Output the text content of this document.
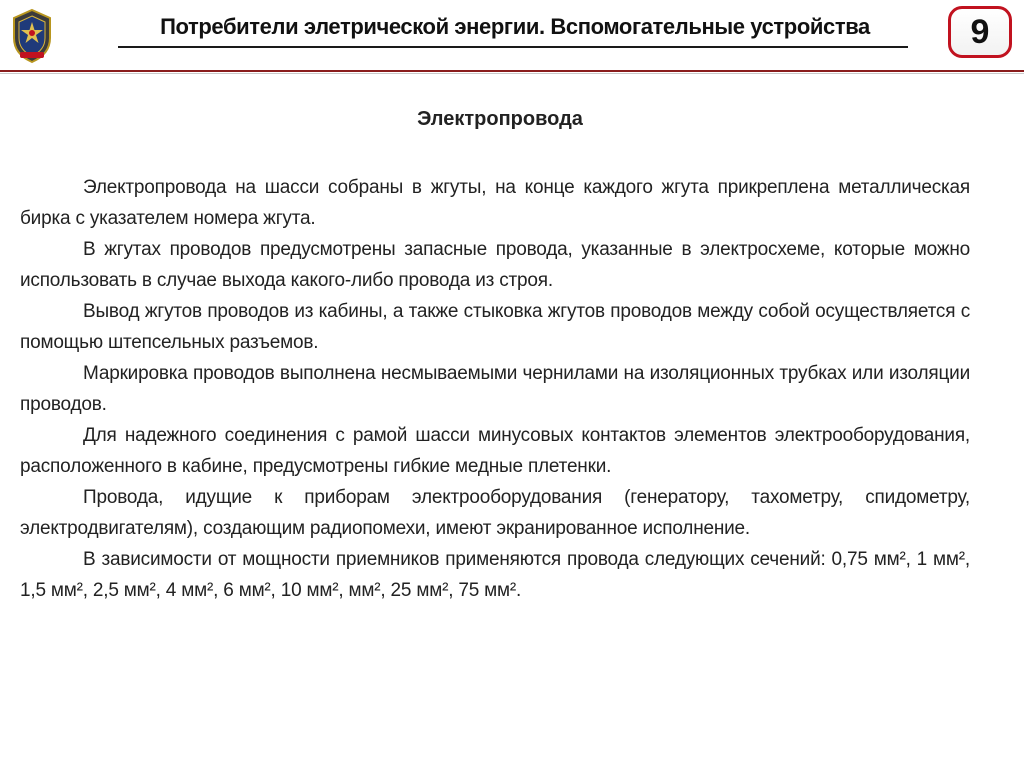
Потребители элетрической энергии. Вспомогательные устройства	9
Электропровода

Электропровода на шасси собраны в жгуты, на конце каждого жгута прикреплена металлическая бирка с указателем номера жгута.

В жгутах проводов предусмотрены запасные провода, указанные в электросхеме, которые можно использовать в случае выхода какого-либо провода из строя.

Вывод жгутов проводов из кабины, а также стыковка жгутов проводов между собой осуществляется с помощью штепсельных разъемов.

Маркировка проводов выполнена несмываемыми чернилами на изоляционных трубках или изоляции проводов.

Для надежного соединения с рамой шасси минусовых контактов элементов электрооборудования, расположенного в кабине, предусмотрены гибкие медные плетенки.

Провода, идущие к приборам электрооборудования (генератору, тахометру, спидометру, электродвигателям), создающим радиопомехи, имеют экранированное исполнение.

В зависимости от мощности приемников применяются провода следующих сечений: 0,75 мм², 1 мм², 1,5 мм², 2,5 мм², 4 мм², 6 мм², 10 мм², мм², 25 мм², 75 мм².
